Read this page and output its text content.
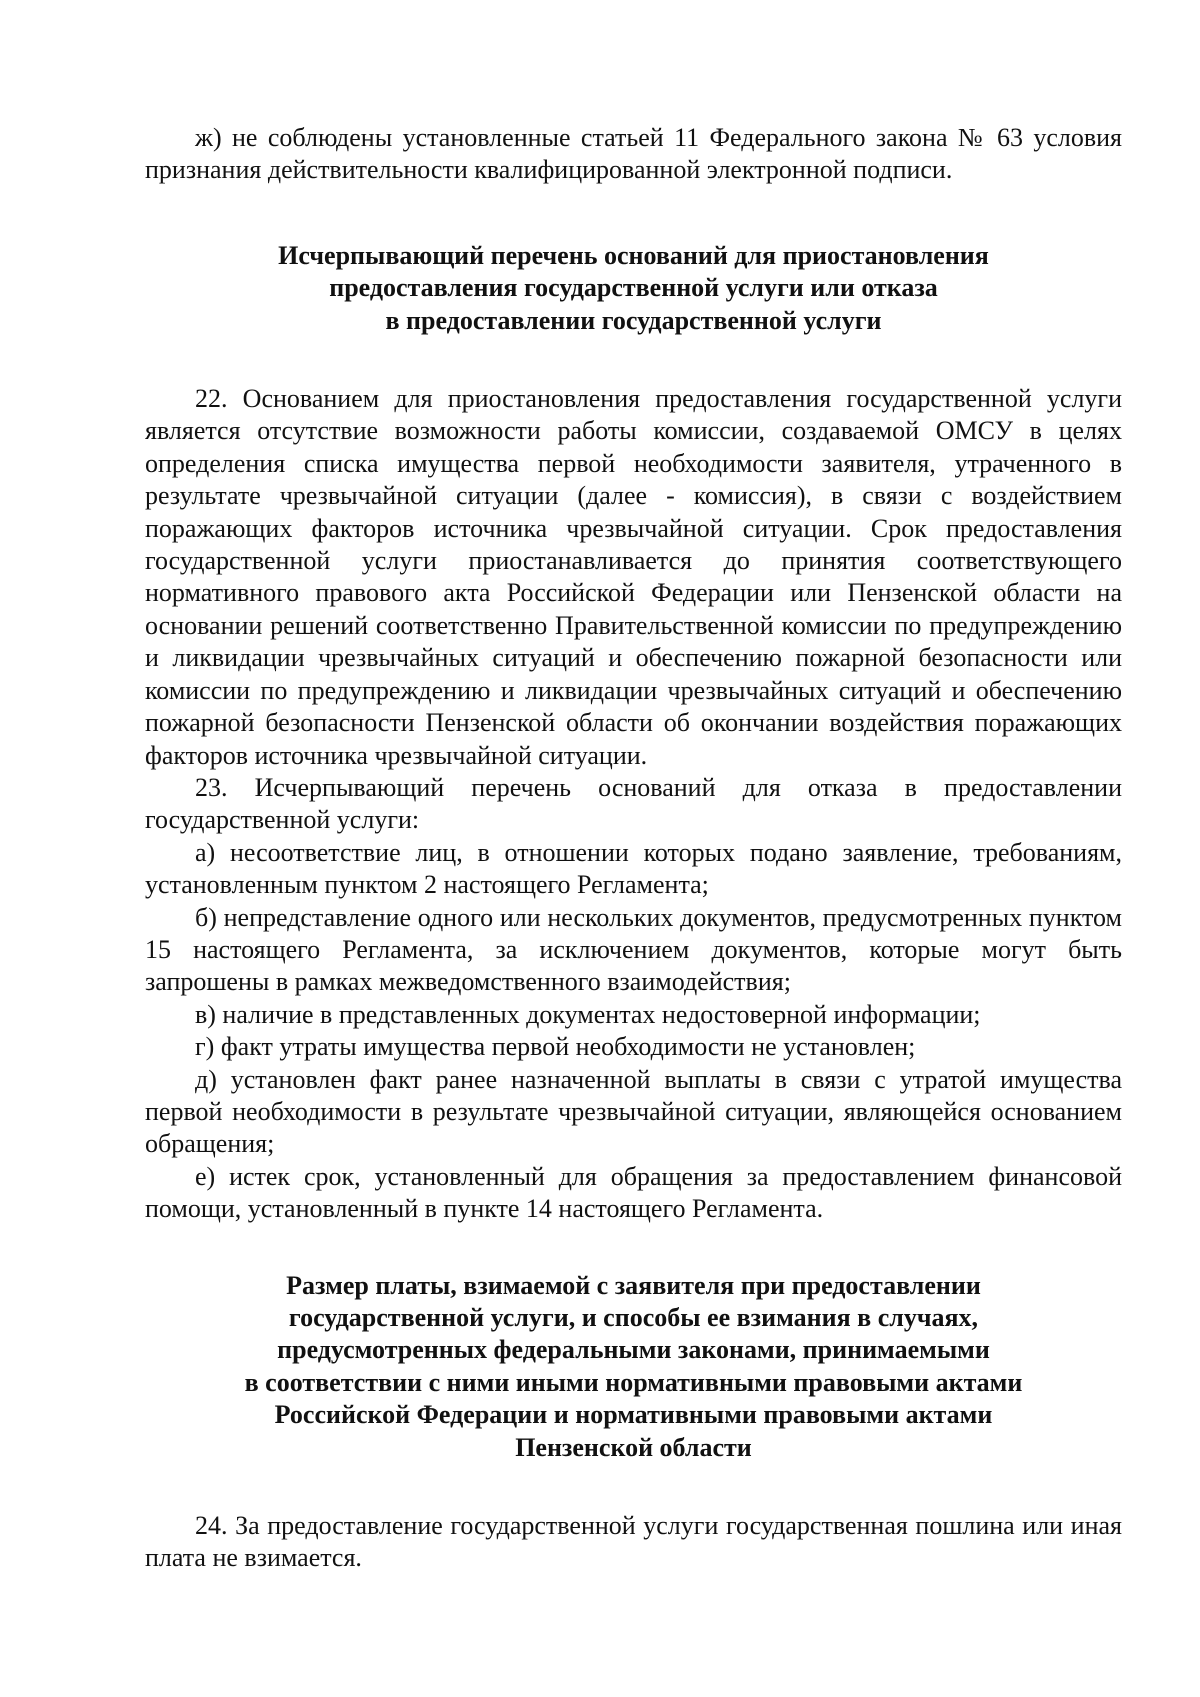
ж) не соблюдены установленные статьей 11 Федерального закона № 63 условия признания действительности квалифицированной электронной подписи.

Исчерпывающий перечень оснований для приостановления
предоставления государственной услуги или отказа
в предоставлении государственной услуги

22. Основанием для приостановления предоставления государственной услуги является отсутствие возможности работы комиссии, создаваемой ОМСУ в целях определения списка имущества первой необходимости заявителя, утраченного в результате чрезвычайной ситуации (далее - комиссия), в связи с воздействием поражающих факторов источника чрезвычайной ситуации. Срок предоставления государственной услуги приостанавливается до принятия соответствующего нормативного правового акта Российской Федерации или Пензенской области на основании решений соответственно Правительственной комиссии по предупреждению и ликвидации чрезвычайных ситуаций и обеспечению пожарной безопасности или комиссии по предупреждению и ликвидации чрезвычайных ситуаций и обеспечению пожарной безопасности Пензенской области об окончании воздействия поражающих факторов источника чрезвычайной ситуации.

23. Исчерпывающий перечень оснований для отказа в предоставлении государственной услуги:

а) несоответствие лиц, в отношении которых подано заявление, требованиям, установленным пунктом 2 настоящего Регламента;

б) непредставление одного или нескольких документов, предусмотренных пунктом 15 настоящего Регламента, за исключением документов, которые могут быть запрошены в рамках межведомственного взаимодействия;

в) наличие в представленных документах недостоверной информации;

г) факт утраты имущества первой необходимости не установлен;

д) установлен факт ранее назначенной выплаты в связи с утратой имущества первой необходимости в результате чрезвычайной ситуации, являющейся основанием обращения;

е) истек срок, установленный для обращения за предоставлением финансовой помощи, установленный в пункте 14 настоящего Регламента.

Размер платы, взимаемой с заявителя при предоставлении
государственной услуги, и способы ее взимания в случаях,
предусмотренных федеральными законами, принимаемыми
в соответствии с ними иными нормативными правовыми актами
Российской Федерации и нормативными правовыми актами
Пензенской области

24. За предоставление государственной услуги государственная пошлина или иная плата не взимается.
